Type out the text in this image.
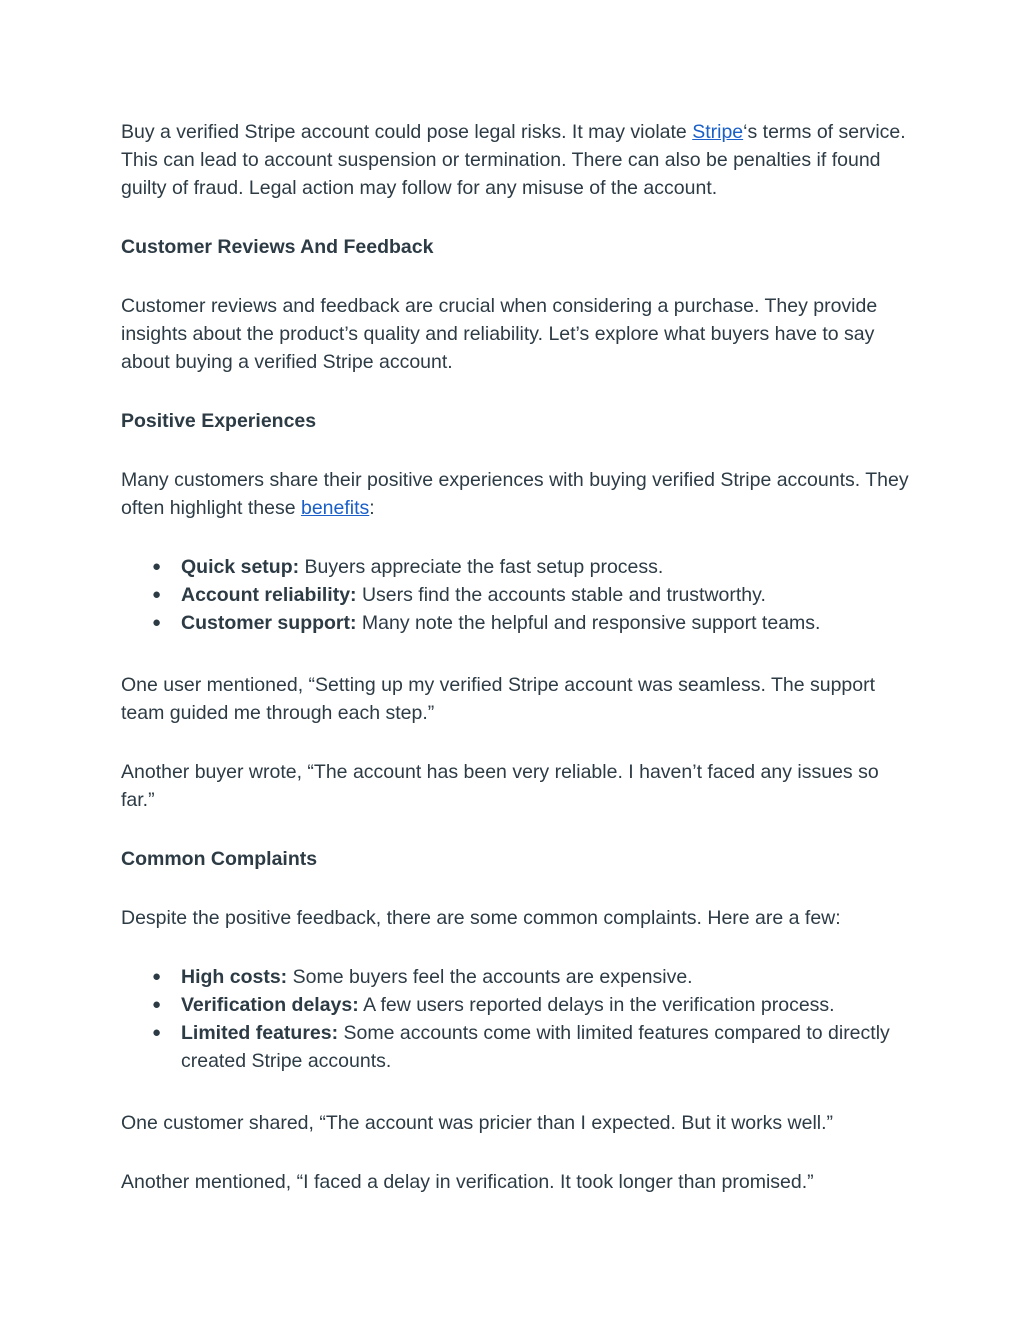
Buy a verified Stripe account could pose legal risks. It may violate Stripe‘s terms of service. This can lead to account suspension or termination. There can also be penalties if found guilty of fraud. Legal action may follow for any misuse of the account.

Customer Reviews And Feedback

Customer reviews and feedback are crucial when considering a purchase. They provide insights about the product’s quality and reliability. Let’s explore what buyers have to say about buying a verified Stripe account.

Positive Experiences

Many customers share their positive experiences with buying verified Stripe accounts. They often highlight these benefits:

● Quick setup: Buyers appreciate the fast setup process.
● Account reliability: Users find the accounts stable and trustworthy.
● Customer support: Many note the helpful and responsive support teams.

One user mentioned, “Setting up my verified Stripe account was seamless. The support team guided me through each step.”

Another buyer wrote, “The account has been very reliable. I haven’t faced any issues so far.”

Common Complaints

Despite the positive feedback, there are some common complaints. Here are a few:

● High costs: Some buyers feel the accounts are expensive.
● Verification delays: A few users reported delays in the verification process.
● Limited features: Some accounts come with limited features compared to directly created Stripe accounts.

One customer shared, “The account was pricier than I expected. But it works well.”

Another mentioned, “I faced a delay in verification. It took longer than promised.”
